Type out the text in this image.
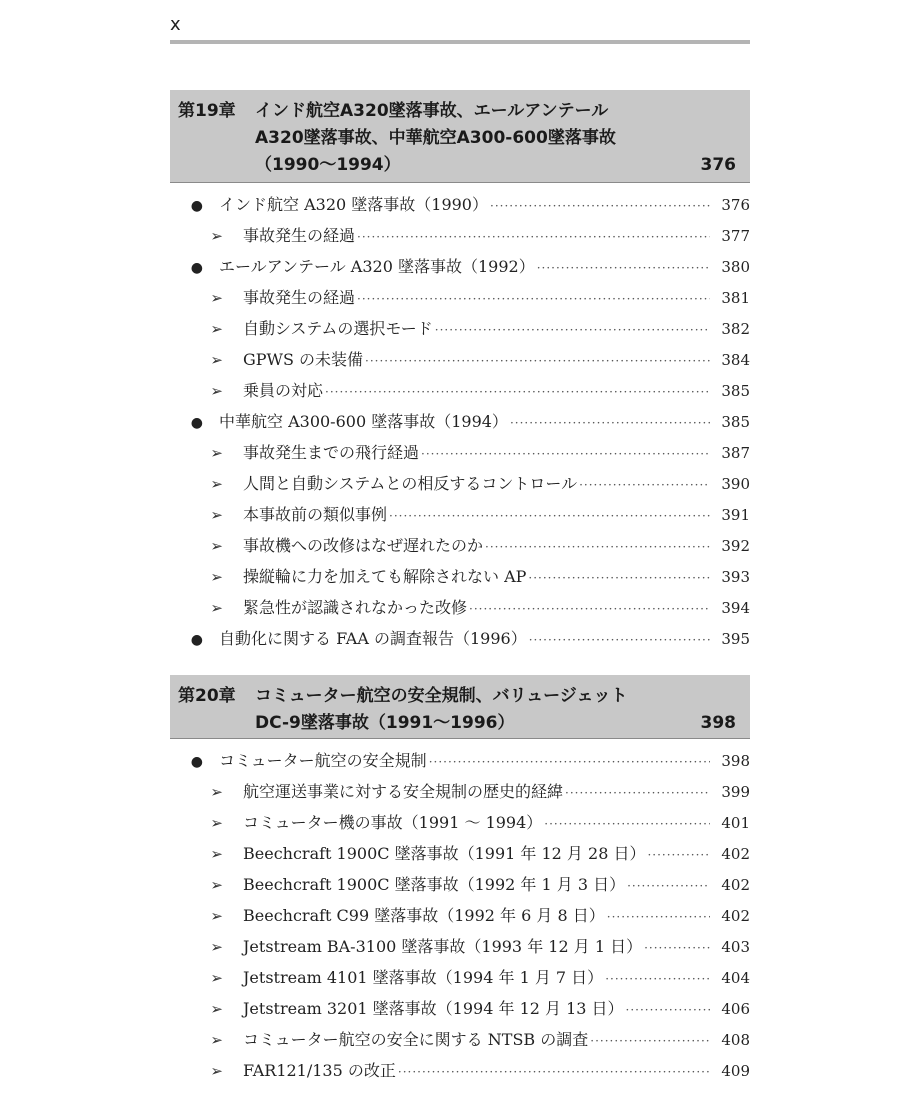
x
第19章 インド航空A320墜落事故、エールアンテール
A320墜落事故、中華航空A300-600墜落事故
（1990〜1994）	376
●	インド航空 A320 墜落事故（1990） ·····	376
➢	事故発生の経過 ·····	377
●	エールアンテール A320 墜落事故（1992） ·····	380
➢	事故発生の経過 ·····	381
➢	自動システムの選択モード ·····	382
➢	GPWS の未装備 ·····	384
➢	乗員の対応 ·····	385
●	中華航空 A300-600 墜落事故（1994） ·····	385
➢	事故発生までの飛行経過 ·····	387
➢	人間と自動システムとの相反するコントロール ·····	390
➢	本事故前の類似事例 ·····	391
➢	事故機への改修はなぜ遅れたのか ·····	392
➢	操縦輪に力を加えても解除されない AP ·····	393
➢	緊急性が認識されなかった改修 ·····	394
●	自動化に関する FAA の調査報告（1996） ·····	395
第20章 コミューター航空の安全規制、バリュージェット
DC-9墜落事故（1991〜1996）	398
●	コミューター航空の安全規制 ·····	398
➢	航空運送事業に対する安全規制の歴史的経緯 ·····	399
➢	コミューター機の事故（1991 〜 1994） ·····	401
➢	Beechcraft 1900C 墜落事故（1991 年 12 月 28 日） ·····	402
➢	Beechcraft 1900C 墜落事故（1992 年 1 月 3 日） ·····	402
➢	Beechcraft C99 墜落事故（1992 年 6 月 8 日） ·····	402
➢	Jetstream BA-3100 墜落事故（1993 年 12 月 1 日） ·····	403
➢	Jetstream 4101 墜落事故（1994 年 1 月 7 日） ·····	404
➢	Jetstream 3201 墜落事故（1994 年 12 月 13 日） ·····	406
➢	コミューター航空の安全に関する NTSB の調査 ·····	408
➢	FAR121/135 の改正 ·····	409
